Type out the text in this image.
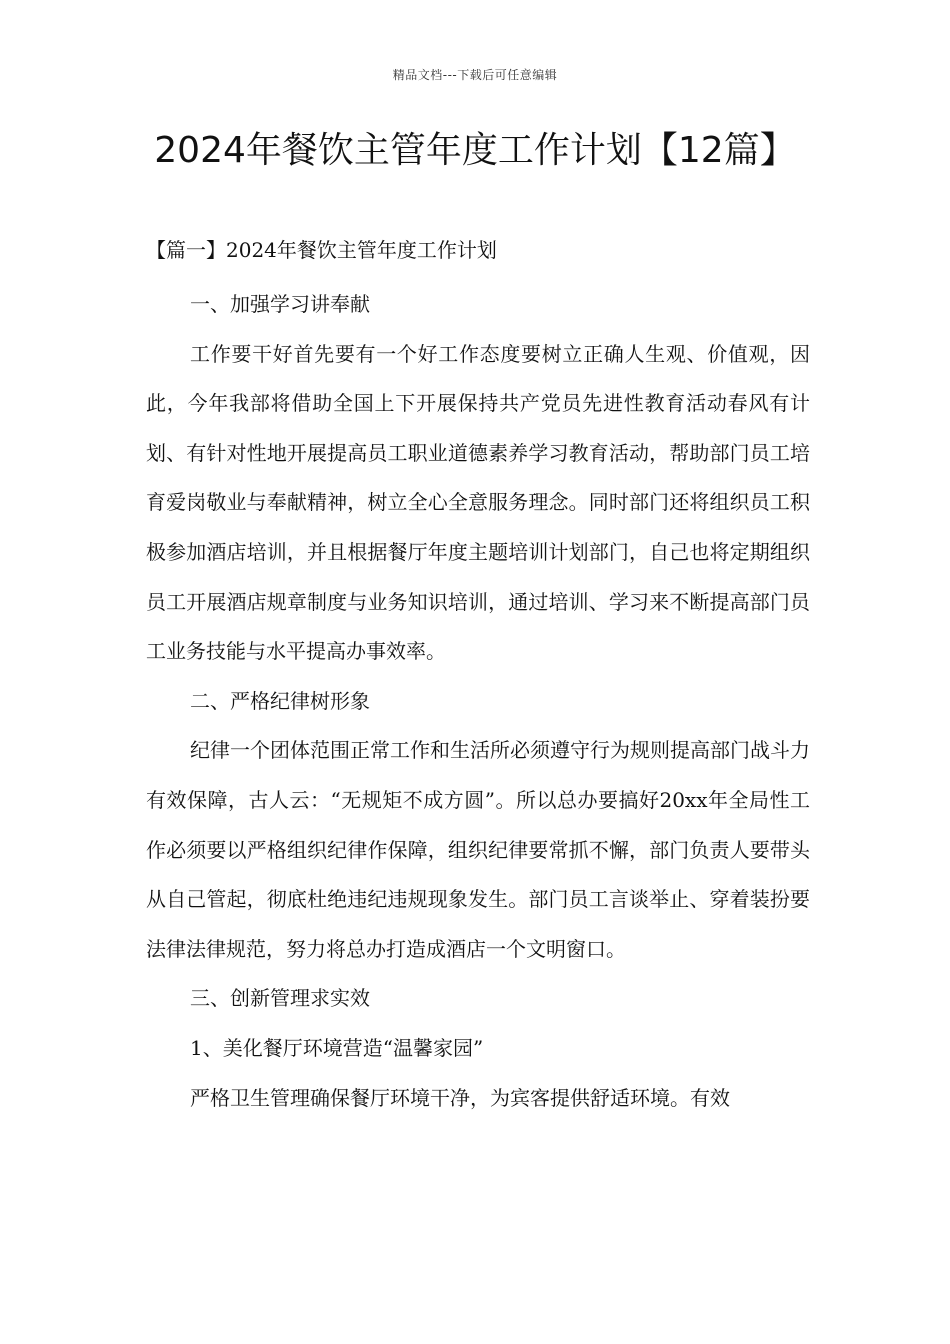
精品文档---下载后可任意编辑
2024年餐饮主管年度工作计划【12篇】
【篇一】2024年餐饮主管年度工作计划

一、加强学习讲奉献

工作要干好首先要有一个好工作态度要树立正确人生观、价值观，因此，今年我部将借助全国上下开展保持共产党员先进性教育活动春风有计划、有针对性地开展提高员工职业道德素养学习教育活动，帮助部门员工培育爱岗敬业与奉献精神，树立全心全意服务理念。同时部门还将组织员工积极参加酒店培训，并且根据餐厅年度主题培训计划部门，自己也将定期组织员工开展酒店规章制度与业务知识培训，通过培训、学习来不断提高部门员工业务技能与水平提高办事效率。

二、严格纪律树形象

纪律一个团体范围正常工作和生活所必须遵守行为规则提高部门战斗力有效保障，古人云：“无规矩不成方圆”。所以总办要搞好20xx年全局性工作必须要以严格组织纪律作保障，组织纪律要常抓不懈，部门负责人要带头从自己管起，彻底杜绝违纪违规现象发生。部门员工言谈举止、穿着装扮要法律法律规范，努力将总办打造成酒店一个文明窗口。

三、创新管理求实效

1、美化餐厅环境营造“温馨家园”

严格卫生管理确保餐厅环境干净，为宾客提供舒适环境。有效
